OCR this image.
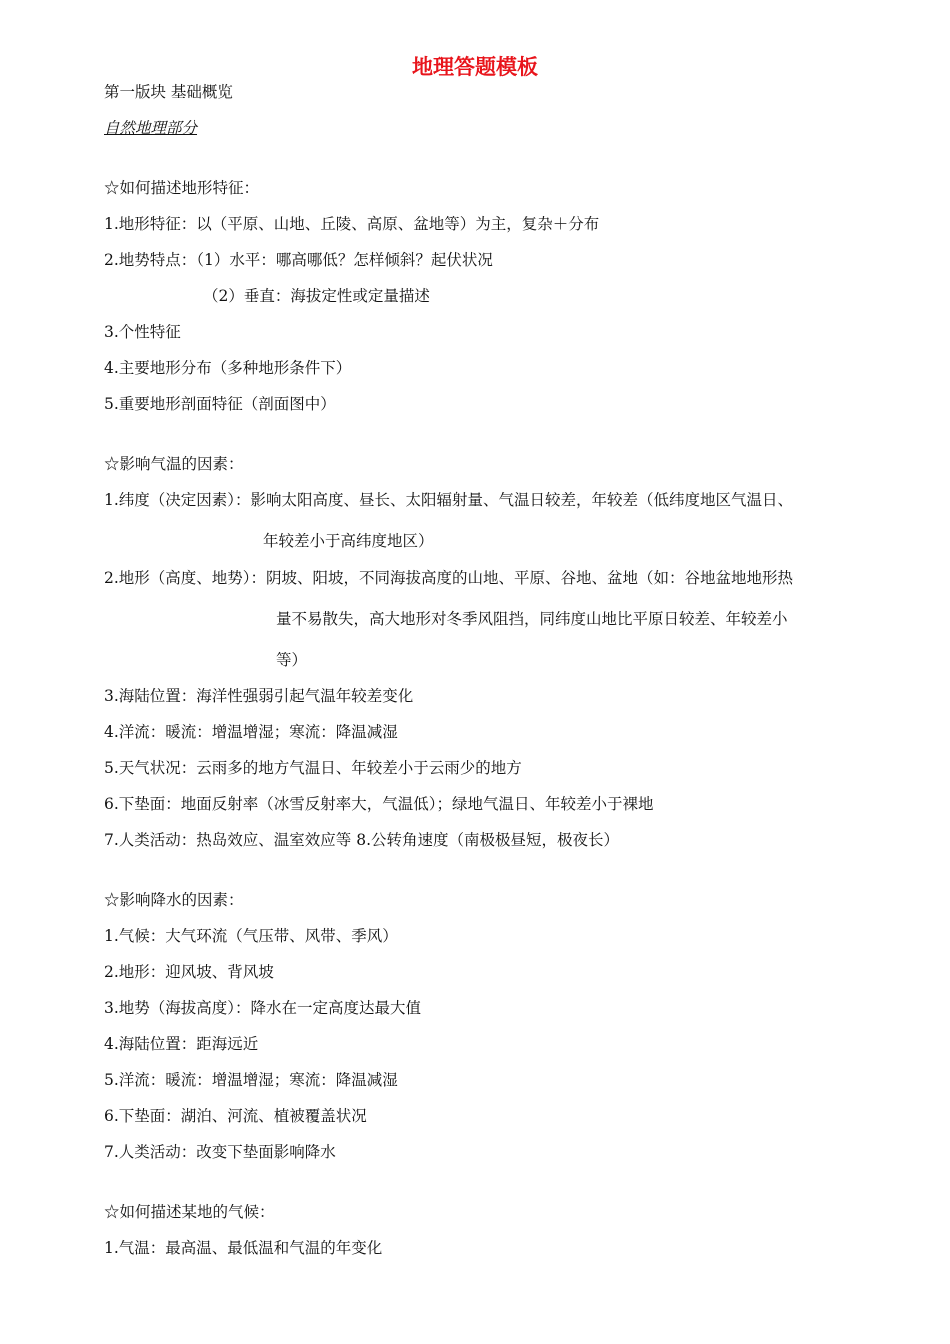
地理答题模板
第一版块 基础概览
自然地理部分
☆如何描述地形特征：
1.地形特征：以（平原、山地、丘陵、高原、盆地等）为主，复杂＋分布
2.地势特点：（1）水平：哪高哪低？怎样倾斜？起伏状况
（2）垂直：海拔定性或定量描述
3.个性特征
4.主要地形分布（多种地形条件下）
5.重要地形剖面特征（剖面图中）
☆影响气温的因素：
1.纬度（决定因素）：影响太阳高度、昼长、太阳辐射量、气温日较差，年较差（低纬度地区气温日、
年较差小于高纬度地区）
2.地形（高度、地势）：阴坡、阳坡，不同海拔高度的山地、平原、谷地、盆地（如：谷地盆地地形热
量不易散失，高大地形对冬季风阻挡，同纬度山地比平原日较差、年较差小
等）
3.海陆位置：海洋性强弱引起气温年较差变化
4.洋流：暖流：增温增湿；寒流：降温减湿
5.天气状况：云雨多的地方气温日、年较差小于云雨少的地方
6.下垫面：地面反射率（冰雪反射率大，气温低）；绿地气温日、年较差小于裸地
7.人类活动：热岛效应、温室效应等 8.公转角速度（南极极昼短，极夜长）
☆影响降水的因素：
1.气候：大气环流（气压带、风带、季风）
2.地形：迎风坡、背风坡
3.地势（海拔高度）：降水在一定高度达最大值
4.海陆位置：距海远近
5.洋流：暖流：增温增湿；寒流：降温减湿
6.下垫面：湖泊、河流、植被覆盖状况
7.人类活动：改变下垫面影响降水
☆如何描述某地的气候：
1.气温：最高温、最低温和气温的年变化
